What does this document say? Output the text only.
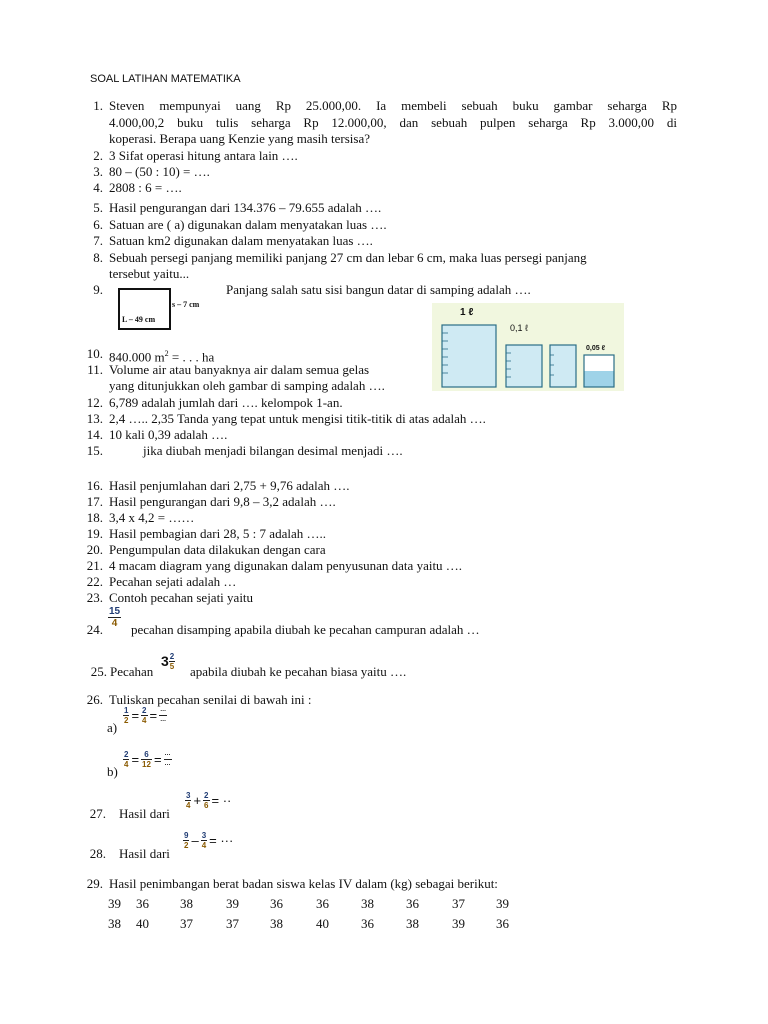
SOAL LATIHAN MATEMATIKA
1. Steven mempunyai uang Rp 25.000,00. Ia membeli sebuah buku gambar seharga Rp
4.000,00,2 buku tulis seharga Rp 12.000,00, dan sebuah pulpen seharga Rp 3.000,00 di
koperasi. Berapa uang Kenzie yang masih tersisa?
2. 3 Sifat operasi hitung antara lain ….
3. 80 – (50 : 10) = ….
4. 2808 : 6 = ….
5. Hasil pengurangan dari 134.376 – 79.655 adalah ….
6. Satuan are ( a) digunakan dalam menyatakan luas ….
7. Satuan km2 digunakan dalam menyatakan luas ….
8. Sebuah persegi panjang memiliki panjang 27 cm dan lebar 6 cm, maka luas persegi panjang
tersebut yaitu...
9.
L – 49 cm
s – 7 cm
Panjang salah satu sisi bangun datar di samping adalah ….
1 ℓ
0,1 ℓ
0,05 ℓ
10. 840.000 $m^2$ = . . . ha
11. Volume air atau banyaknya air dalam semua gelas
yang ditunjukkan oleh gambar di samping adalah ….
12. 6,789 adalah jumlah dari …. kelompok 1-an.
13. 2,4 ….. 2,35 Tanda yang tepat untuk mengisi titik-titik di atas adalah ….
14. 10 kali 0,39 adalah ….
15.	jika diubah menjadi bilangan desimal menjadi ….
16. Hasil penjumlahan dari 2,75 + 9,76 adalah ….
17. Hasil pengurangan dari 9,8 – 3,2 adalah ….
18. 3,4 x 4,2 = ……
19. Hasil pembagian dari 28, 5 : 7 adalah …..
20. Pengumpulan data dilakukan dengan cara
21. 4 macam diagram yang digunakan dalam penyusunan data yaitu ….
22. Pecahan sejati adalah …
23. Contoh pecahan sejati yaitu
24.
$\frac{15}{4}$
pecahan disamping apabila diubah ke pecahan campuran adalah …
25. Pecahan
$3 \frac{2}{5}$
apabila diubah ke pecahan biasa yaitu ….
26. Tuliskan pecahan senilai di bawah ini :
a)
$\frac{1}{2} = \frac{2}{4}$ = …
…
b)
$\frac{2}{4} = \frac{6}{12}$ = …
…
27. Hasil dari
$\frac{3}{4} + \frac{2}{6}$ = ··
28. Hasil dari
$\frac{9}{2} - \frac{3}{4}$ = ···
29. Hasil penimbangan berat badan siswa kelas IV dalam (kg) sebagai berikut:
39 36 38	39 36	36 38 36	37 39
38 40 37	37 38	40 36 38	39 36
